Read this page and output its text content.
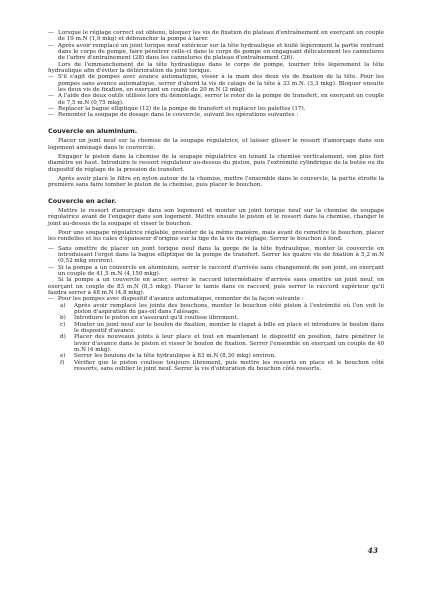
— Lorsque le réglage correct est obtenu, bloquer les vis de fixation du plateau d'entraînement en exerçant un couple de 19 m.N (1,9 mkg) et débrancher la pompe à tarer.

— Après avoir remplacé un joint torique neuf extérieur sur la tête hydraulique et huilé légèrement la partie rentrant dans le corps de pompe, faire pénétrer celle-ci dans le corps de pompe en engageant délicatement les cannelures de l'arbre d'entraînement (28) dans les cannelures du plateau d'entraînement (26).

Lors de l'emmanchement de la tête hydraulique dans le corps de pompe, tourner très légèrement la tête hydraulique afin d'éviter la détérioration du joint torique.

— S'il s'agit de pompes avec avance automatique, visser à la main des deux vis de fixation de la tête. Pour les pompes sans avance automatique, serrer d'abord la vis de calage de la tête à 33 m.N. (3,3 mkg). Bloquer ensuite les deux vis de fixation, en exerçant un couple de 20 m.N (2 mkg).

— A l'aide des deux outils utilisés lors du démontage, serrer le rotor de la pompe de transfert, en exerçant un couple de 7,5 m.N (0,75 mkg).

— Replacer la bague elliptique (12) de la pompe de transfert et replacer les palettes (17).

— Remonter la soupape de dosage dans le couvercle, suivant les opérations suivantes :

Couvercle en aluminium.

Placer un joint neuf sur la chemise de la soupape régulatrice, et laisser glisser le ressort d'amorçage dans son logement aménagé dans le couvercle.

Engager le piston dans la chemise de la soupape régulatrice en tenant la chemise verticalement, son plus fort diamètre en haut. Introduire le ressort régulateur au-dessus du piston, puis l'extrémité cylindrique de la butée ou du dispositif de réglage de la pression de transfert.

Après avoir placé le filtre en nylon autour de la chemise, mettre l'ensemble dans le couvercle, la partie étroite la première sans faire tomber le piston de la chemise, puis placer le bouchon.

Couvercle en acier.

Mettre le ressort d'amorçage dans son logement et monter un joint torique neuf sur la chemise de soupape régulatrice avant de l'engager dans son logement. Mettre ensuite le piston et le ressort dans la chemise, changer le joint au-dessus de la soupape et visser le bouchon.

Pour une soupape régulatrice réglable, procéder de la même manière, mais avant de remettre le bouchon, placer les rondelles et les cales d'épaisseur d'origine sur la tige de la vis de réglage. Serrer le bouchon à fond.

— Sans omettre de placer un joint torique neuf dans la gorge de la tête hydraulique, monter le couvercle en introduisant l'ergot dans la bague elliptique de la pompe de transfert. Serrer les quatre vis de fixation à 5,2 m.N (0,52 mkg environ).

— Si la pompe a un couvercle en aluminium, serrer le raccord d'arrivée sans changement de son joint, en exerçant un couple de 41,5 m.N (4,150 mkg).

Si la pompe a un couvercle en acier, serrer le raccord intermédiaire d'arrivée sans omettre un joint neuf, en exerçant un couple de 83 m.N (8,3 mkg). Placer le tamis dans ce raccord, puis serrer le raccord supérieur qu'il faudra serrer à 48 m.N (4,8 mkg).

— Pour les pompes avec dispositif d'avance automatique, remonter de la façon suivante :

a) Après avoir remplacé les joints des bouchons, monter le bouchon côté piston à l'extrémité où l'on voit le piston d'aspiration du gas-oil dans l'alésage.

b) Introduire le piston en s'assurant qu'il coulisse librement.

c) Monter un joint neuf sur le boulon de fixation, monter le clapet à bille en place et introduire le boulon dans le dispositif d'avance.

d) Placer des nouveaux joints à leur place et tout en maintenant le dispositif en position, faire pénétrer le levier d'avance dans le piston et visser le boulon de fixation. Serrer l'ensemble en exerçant un couple de 40 m.N (4 mkg).

e) Serrer les boulons de la tête hydraulique à 83 m.N (8,30 mkg) environ.

f) Vérifier que le piston coulisse toujours librement, puis mettre les ressorts en place et le bouchon côté ressorts, sans oublier le joint neuf. Serrer la vis d'obturation du bouchon côté ressorts.

43
